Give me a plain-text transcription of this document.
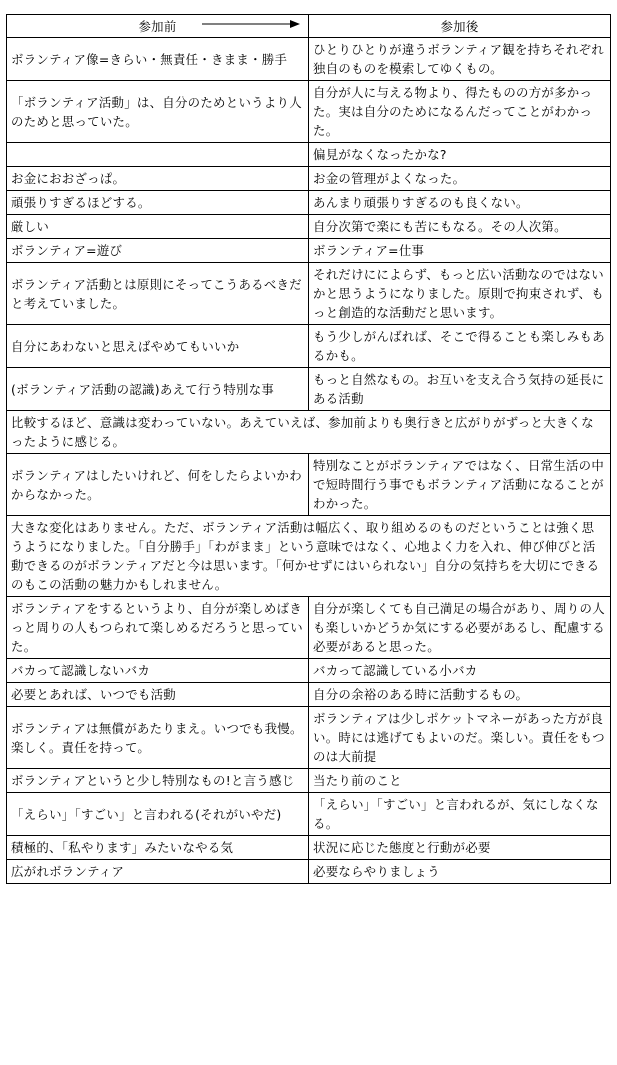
参加前	参加後
ボランティア像=きらい・無責任・きまま・勝手	ひとりひとりが違うボランティア観を持ちそれぞれ独自のものを模索してゆくもの。
「ボランティア活動」は、自分のためというより人のためと思っていた。	自分が人に与える物より、得たものの方が多かった。実は自分のためになるんだってことがわかった。
	偏見がなくなったかな?
お金におおざっぱ。	お金の管理がよくなった。
頑張りすぎるほどする。	あんまり頑張りすぎるのも良くない。
厳しい	自分次第で楽にも苦にもなる。その人次第。
ボランティア=遊び	ボランティア=仕事
ボランティア活動とは原則にそってこうあるべきだと考えていました。	それだけにによらず、もっと広い活動なのではないかと思うようになりました。原則で拘束されず、もっと創造的な活動だと思います。
自分にあわないと思えばやめてもいいか	もう少しがんばれば、そこで得ることも楽しみもあるかも。
(ボランティア活動の認識)あえて行う特別な事	もっと自然なもの。お互いを支え合う気持の延長にある活動
比較するほど、意識は変わっていない。あえていえば、参加前よりも奥行きと広がりがずっと大きくなったように感じる。	
ボランティアはしたいけれど、何をしたらよいかわからなかった。	特別なことがボランティアではなく、日常生活の中で短時間行う事でもボランティア活動になることがわかった。
大きな変化はありません。ただ、ボランティア活動は幅広く、取り組めるのものだということは強く思うようになりました。「自分勝手」「わがまま」という意味ではなく、心地よく力を入れ、伸び伸びと活動できるのがボランティアだと今は思います。「何かせずにはいられない」自分の気持ちを大切にできるのもこの活動の魅力かもしれません。	
ボランティアをするというより、自分が楽しめばきっと周りの人もつられて楽しめるだろうと思っていた。	自分が楽しくても自己満足の場合があり、周りの人も楽しいかどうか気にする必要があるし、配慮する必要があると思った。
バカって認識しないバカ	バカって認識している小バカ
必要とあれば、いつでも活動	自分の余裕のある時に活動するもの。
ボランティアは無償があたりまえ。いつでも我慢。楽しく。責任を持って。	ボランティアは少しポケットマネーがあった方が良い。時には逃げてもよいのだ。楽しい。責任をもつのは大前提
ボランティアというと少し特別なもの!と言う感じ	当たり前のこと
「えらい」「すごい」と言われる(それがいやだ)	「えらい」「すごい」と言われるが、気にしなくなる。
積極的、「私やります」みたいなやる気	状況に応じた態度と行動が必要
広がれボランティア	必要ならやりましょう
